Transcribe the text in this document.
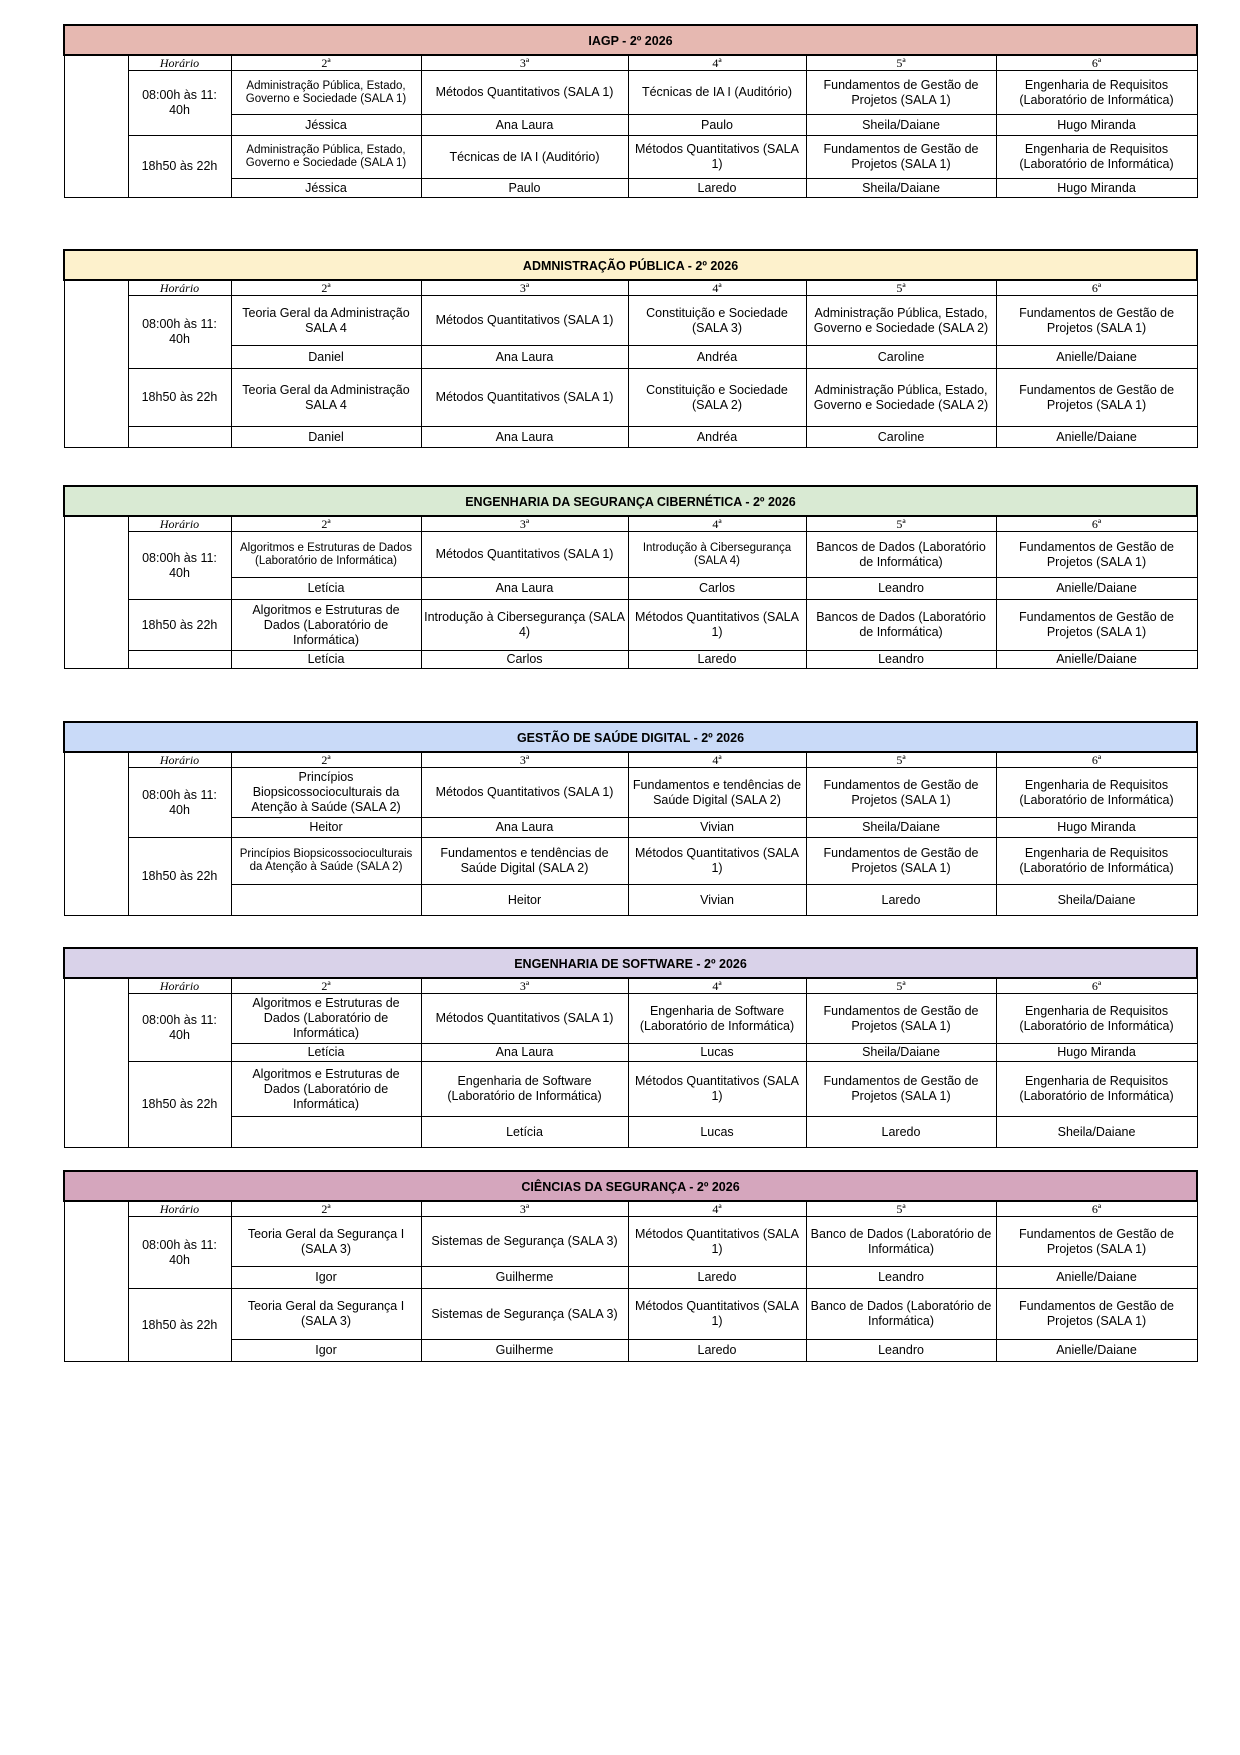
IAGP - 2º 2026						
	Horário	2ª	3ª	4ª	5ª	6ª
	08:00h às 11: 40h	Administração Pública, Estado, Governo e Sociedade (SALA 1)	Métodos Quantitativos (SALA 1)	Técnicas de IA I (Auditório)	Fundamentos de Gestão de Projetos (SALA 1)	Engenharia de Requisitos (Laboratório de Informática)
		Jéssica	Ana Laura	Paulo	Sheila/Daiane	Hugo Miranda
	18h50 às 22h	Administração Pública, Estado, Governo e Sociedade (SALA 1)	Técnicas de IA I (Auditório)	Métodos Quantitativos (SALA 1)	Fundamentos de Gestão de Projetos (SALA 1)	Engenharia de Requisitos (Laboratório de Informática)
		Jéssica	Paulo	Laredo	Sheila/Daiane	Hugo Miranda
ADMNISTRAÇÃO PÚBLICA - 2º 2026						
	Horário	2ª	3ª	4ª	5ª	6ª
	08:00h às 11: 40h	Teoria Geral da Administração SALA 4	Métodos Quantitativos (SALA 1)	Constituição e Sociedade (SALA 3)	Administração Pública, Estado, Governo e Sociedade (SALA 2)	Fundamentos de Gestão de Projetos (SALA 1)
		Daniel	Ana Laura	Andréa	Caroline	Anielle/Daiane
	18h50 às 22h	Teoria Geral da Administração SALA 4	Métodos Quantitativos (SALA 1)	Constituição e Sociedade (SALA 2)	Administração Pública, Estado, Governo e Sociedade (SALA 2)	Fundamentos de Gestão de Projetos (SALA 1)
		Daniel	Ana Laura	Andréa	Caroline	Anielle/Daiane
ENGENHARIA DA SEGURANÇA CIBERNÉTICA - 2º 2026						
	Horário	2ª	3ª	4ª	5ª	6ª
	08:00h às 11: 40h	Algoritmos e Estruturas de Dados (Laboratório de Informática)	Métodos Quantitativos (SALA 1)	Introdução à Cibersegurança (SALA 4)	Bancos de Dados (Laboratório de Informática)	Fundamentos de Gestão de Projetos (SALA 1)
		Letícia	Ana Laura	Carlos	Leandro	Anielle/Daiane
	18h50 às 22h	Algoritmos e Estruturas de Dados (Laboratório de Informática)	Introdução à Cibersegurança (SALA 4)	Métodos Quantitativos (SALA 1)	Bancos de Dados (Laboratório de Informática)	Fundamentos de Gestão de Projetos (SALA 1)
		Letícia	Carlos	Laredo	Leandro	Anielle/Daiane
GESTÃO DE SAÚDE DIGITAL - 2º 2026							
	Horário	2ª	3ª	4ª	5ª	6ª	
	08:00h às 11: 40h	Princípios Biopsicossocioculturais da Atenção à Saúde (SALA 2)	Métodos Quantitativos (SALA 1)	Fundamentos e tendências de Saúde Digital (SALA 2)	Fundamentos de Gestão de Projetos (SALA 1)	Engenharia de Requisitos (Laboratório de Informática)	
		Heitor	Ana Laura	Vivian	Sheila/Daiane	Hugo Miranda	
	18h50 às 22h	Princípios Biopsicossocioculturais da Atenção à Saúde (SALA 2)	Fundamentos e tendências de Saúde Digital (SALA 2)	Métodos Quantitativos (SALA 1)	Fundamentos de Gestão de Projetos (SALA 1)	Engenharia de Requisitos (Laboratório de Informática)	
			Heitor	Vivian	Laredo	Sheila/Daiane	
ENGENHARIA DE SOFTWARE - 2º 2026							
	Horário	2ª	3ª	4ª	5ª	6ª	
	08:00h às 11: 40h	Algoritmos e Estruturas de Dados (Laboratório de Informática)	Métodos Quantitativos (SALA 1)	Engenharia de Software (Laboratório de Informática)	Fundamentos de Gestão de Projetos (SALA 1)	Engenharia de Requisitos (Laboratório de Informática)	
		Letícia	Ana Laura	Lucas	Sheila/Daiane	Hugo Miranda	
	18h50 às 22h	Algoritmos e Estruturas de Dados (Laboratório de Informática)	Engenharia de Software (Laboratório de Informática)	Métodos Quantitativos (SALA 1)	Fundamentos de Gestão de Projetos (SALA 1)	Engenharia de Requisitos (Laboratório de Informática)	
			Letícia	Lucas	Laredo	Sheila/Daiane	
CIÊNCIAS DA SEGURANÇA - 2º 2026						
	Horário	2ª	3ª	4ª	5ª	6ª
	08:00h às 11: 40h	Teoria Geral da Segurança I (SALA 3)	Sistemas de Segurança (SALA 3)	Métodos Quantitativos (SALA 1)	Banco de Dados (Laboratório de Informática)	Fundamentos de Gestão de Projetos (SALA 1)
		Igor	Guilherme	Laredo	Leandro	Anielle/Daiane
	18h50 às 22h	Teoria Geral da Segurança I (SALA 3)	Sistemas de Segurança (SALA 3)	Métodos Quantitativos (SALA 1)	Banco de Dados (Laboratório de Informática)	Fundamentos de Gestão de Projetos (SALA 1)
		Igor	Guilherme	Laredo	Leandro	Anielle/Daiane
